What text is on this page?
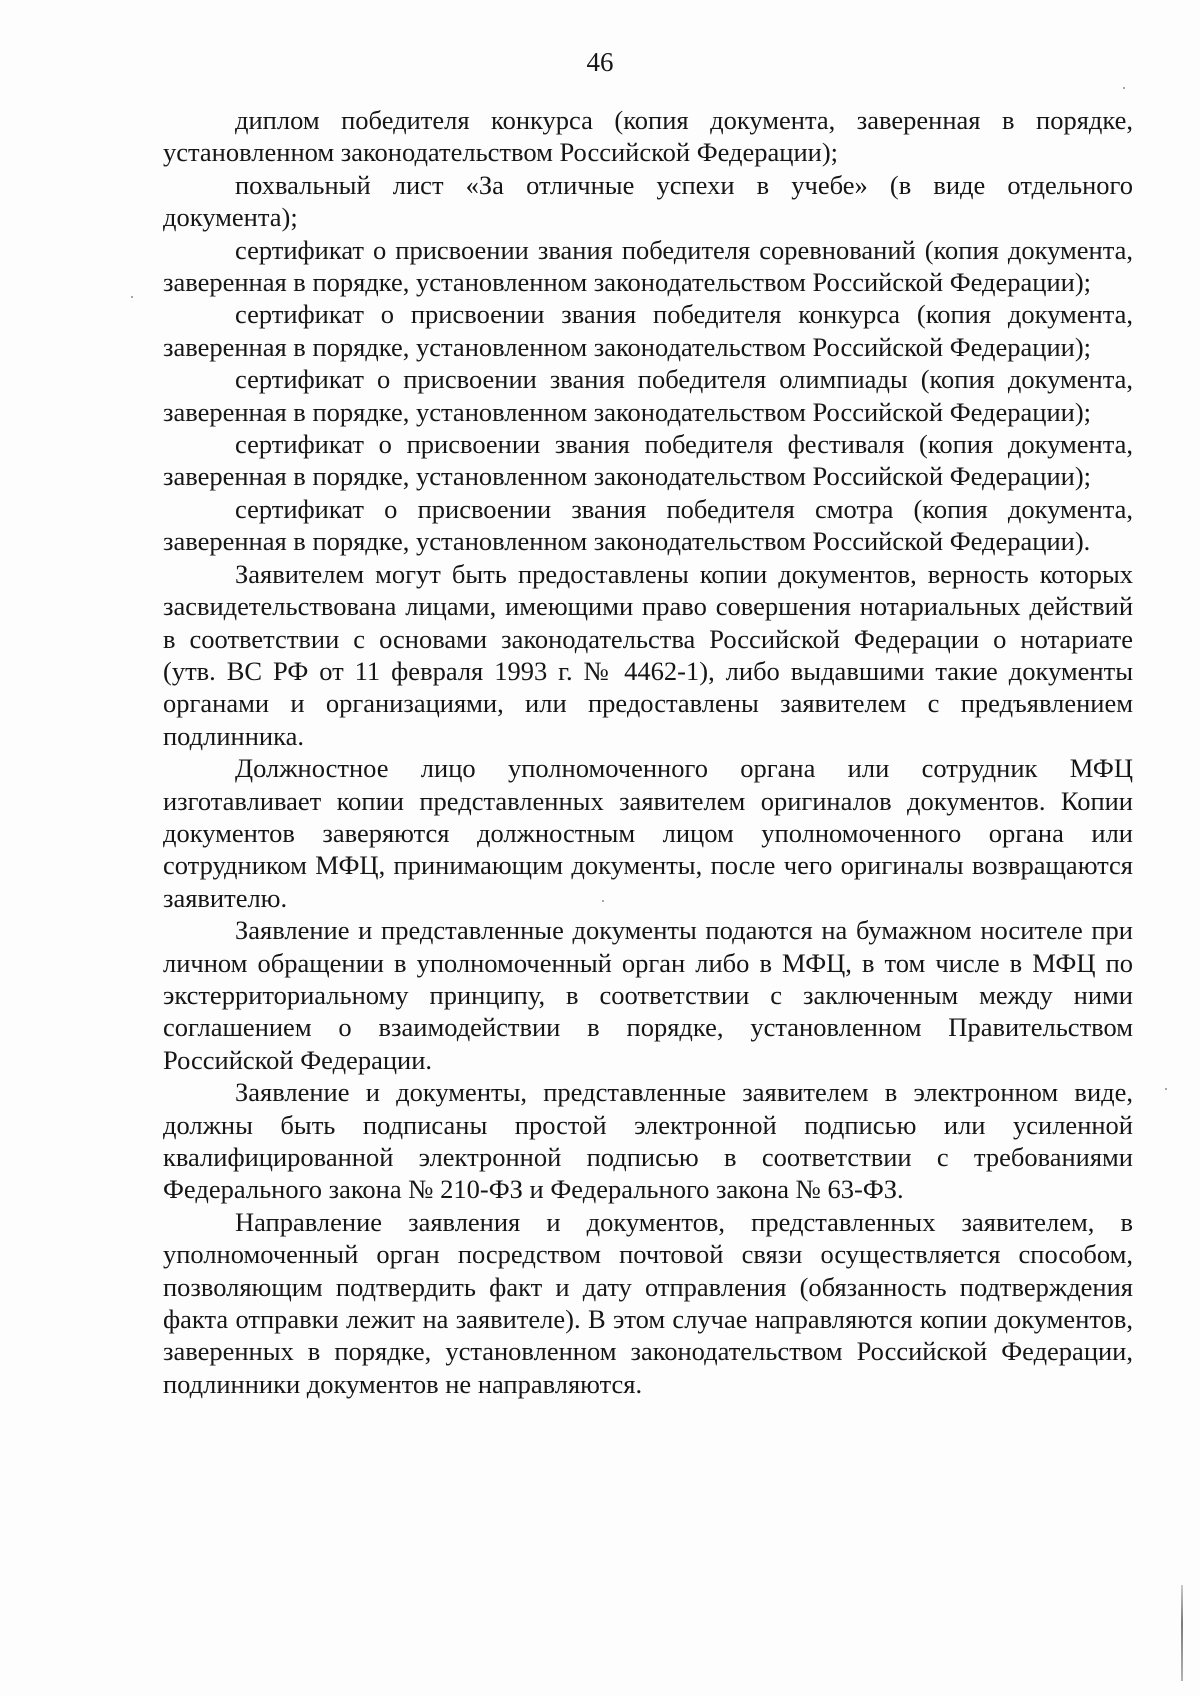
46

диплом победителя конкурса (копия документа, заверенная в порядке, установленном законодательством Российской Федерации);

похвальный лист «За отличные успехи в учебе» (в виде отдельного документа);

сертификат о присвоении звания победителя соревнований (копия документа, заверенная в порядке, установленном законодательством Российской Федерации);

сертификат о присвоении звания победителя конкурса (копия документа, заверенная в порядке, установленном законодательством Российской Федерации);

сертификат о присвоении звания победителя олимпиады (копия документа, заверенная в порядке, установленном законодательством Российской Федерации);

сертификат о присвоении звания победителя фестиваля (копия документа, заверенная в порядке, установленном законодательством Российской Федерации);

сертификат о присвоении звания победителя смотра (копия документа, заверенная в порядке, установленном законодательством Российской Федерации).

Заявителем могут быть предоставлены копии документов, верность которых засвидетельствована лицами, имеющими право совершения нотариальных действий в соответствии с основами законодательства Российской Федерации о нотариате (утв. ВС РФ от 11 февраля 1993 г. № 4462-1), либо выдавшими такие документы органами и организациями, или предоставлены заявителем с предъявлением подлинника.

Должностное лицо уполномоченного органа или сотрудник МФЦ изготавливает копии представленных заявителем оригиналов документов. Копии документов заверяются должностным лицом уполномоченного органа или сотрудником МФЦ, принимающим документы, после чего оригиналы возвращаются заявителю.

Заявление и представленные документы подаются на бумажном носителе при личном обращении в уполномоченный орган либо в МФЦ, в том числе в МФЦ по экстерриториальному принципу, в соответствии с заключенным между ними соглашением о взаимодействии в порядке, установленном Правительством Российской Федерации.

Заявление и документы, представленные заявителем в электронном виде, должны быть подписаны простой электронной подписью или усиленной квалифицированной электронной подписью в соответствии с требованиями Федерального закона № 210-ФЗ и Федерального закона № 63-ФЗ.

Направление заявления и документов, представленных заявителем, в уполномоченный орган посредством почтовой связи осуществляется способом, позволяющим подтвердить факт и дату отправления (обязанность подтверждения факта отправки лежит на заявителе). В этом случае направляются копии документов, заверенных в порядке, установленном законодательством Российской Федерации, подлинники документов не направляются.
